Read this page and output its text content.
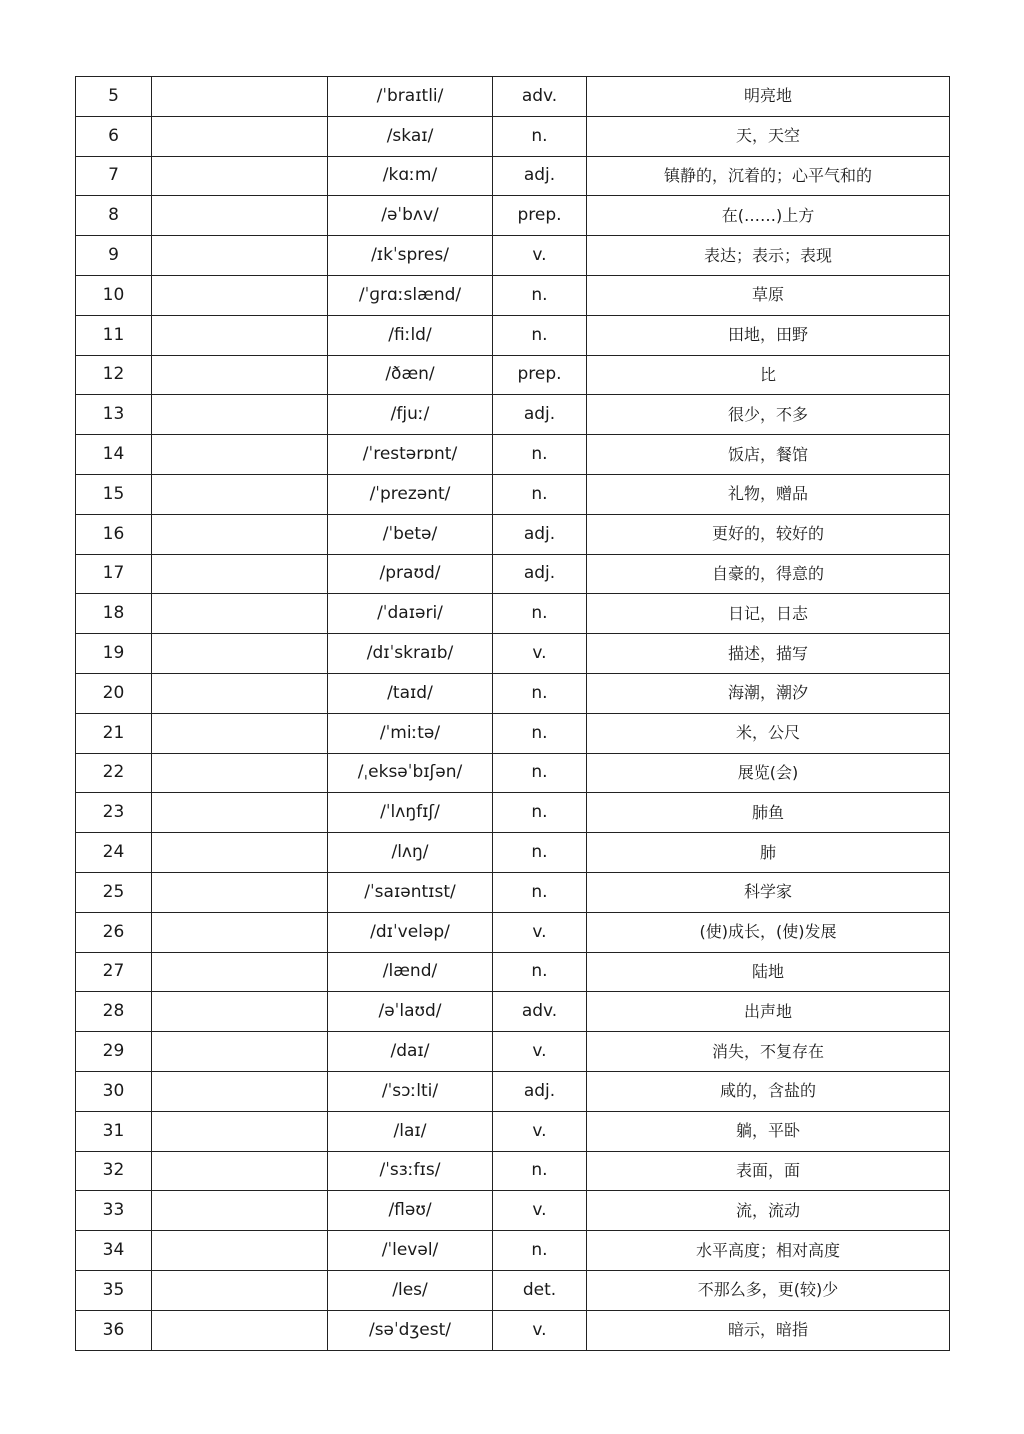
5		/ˈbraɪtli/	adv.	明亮地
6		/skaɪ/	n.	天，天空
7		/kɑːm/	adj.	镇静的，沉着的；心平气和的
8		/əˈbʌv/	prep.	在(……)上方
9		/ɪkˈspres/	v.	表达；表示；表现
10		/ˈɡrɑːslænd/	n.	草原
11		/fiːld/	n.	田地，田野
12		/ðæn/	prep.	比
13		/fjuː/	adj.	很少，不多
14		/ˈrestərɒnt/	n.	饭店，餐馆
15		/ˈprezənt/	n.	礼物，赠品
16		/ˈbetə/	adj.	更好的，较好的
17		/praʊd/	adj.	自豪的，得意的
18		/ˈdaɪəri/	n.	日记，日志
19		/dɪˈskraɪb/	v.	描述，描写
20		/taɪd/	n.	海潮，潮汐
21		/ˈmiːtə/	n.	米，公尺
22		/ˌeksəˈbɪʃən/	n.	展览(会)
23		/ˈlʌŋfɪʃ/	n.	肺鱼
24		/lʌŋ/	n.	肺
25		/ˈsaɪəntɪst/	n.	科学家
26		/dɪˈveləp/	v.	(使)成长，(使)发展
27		/lænd/	n.	陆地
28		/əˈlaʊd/	adv.	出声地
29		/daɪ/	v.	消失，不复存在
30		/ˈsɔːlti/	adj.	咸的，含盐的
31		/laɪ/	v.	躺，平卧
32		/ˈsɜːfɪs/	n.	表面，面
33		/fləʊ/	v.	流，流动
34		/ˈlevəl/	n.	水平高度；相对高度
35		/les/	det.	不那么多，更(较)少
36		/səˈdʒest/	v.	暗示，暗指
